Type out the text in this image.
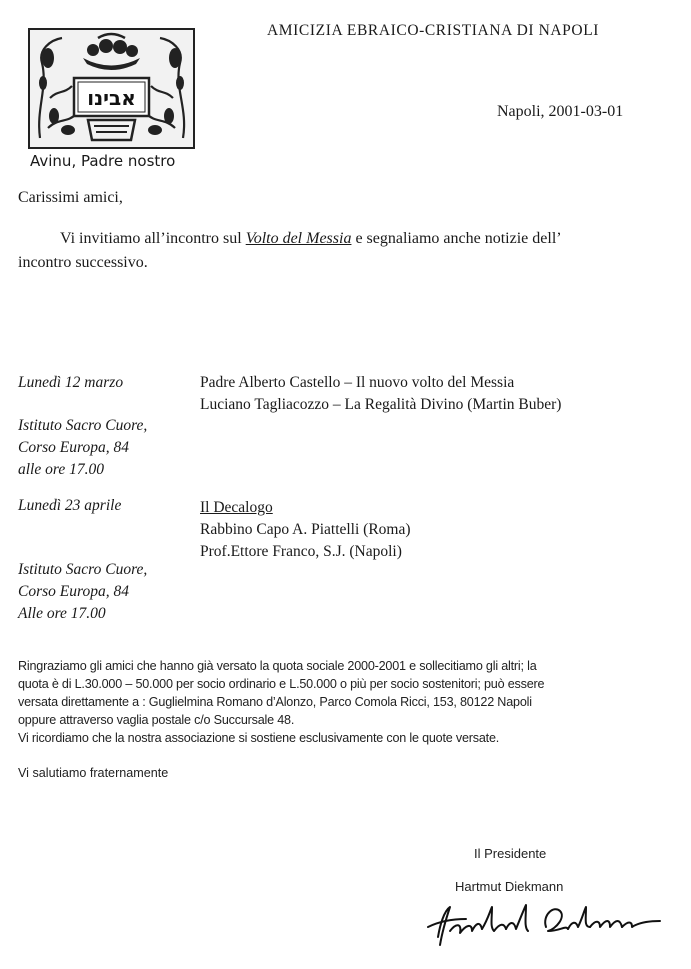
אבינו
Avinu, Padre nostro
AMICIZIA EBRAICO-CRISTIANA DI NAPOLI
Napoli, 2001-03-01
Carissimi amici,
Vi invitiamo all’incontro sul Volto del Messia e segnaliamo anche notizie dell’
incontro successivo.
Lunedì 12 marzo	Padre Alberto Castello – Il nuovo volto del Messia
Luciano Tagliacozzo – La Regalità Divino (Martin Buber)
Istituto Sacro Cuore,
Corso Europa, 84
alle ore 17.00
Lunedì 23 aprile	Il Decalogo
Rabbino Capo A. Piattelli (Roma)
Prof.Ettore Franco, S.J. (Napoli)
Istituto Sacro Cuore,
Corso Europa, 84
Alle ore 17.00
Ringraziamo gli amici che hanno già versato la quota sociale 2000-2001 e sollecitiamo gli altri; la
quota è di L.30.000 – 50.000 per socio ordinario e L.50.000 o più per socio sostenitori; può essere
versata direttamente a : Guglielmina Romano d’Alonzo, Parco Comola Ricci, 153, 80122 Napoli
oppure attraverso vaglia postale c/o Succursale 48.
Vi ricordiamo che la nostra associazione si sostiene esclusivamente con le quote versate.
Vi salutiamo fraternamente
Il Presidente
Hartmut Diekmann
